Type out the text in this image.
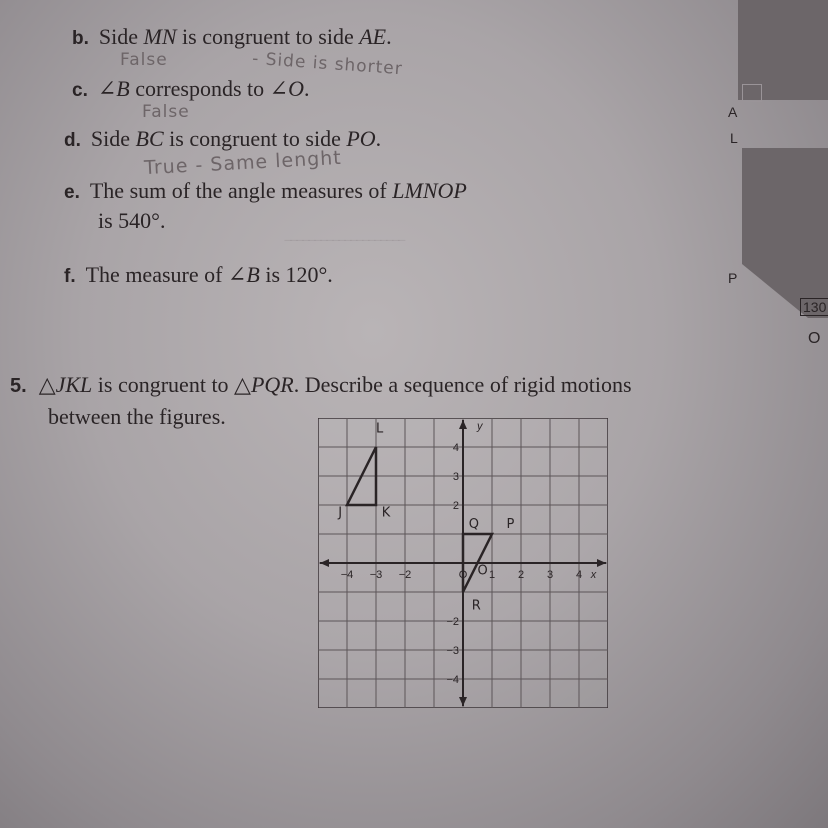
b. Side MN is congruent to side AE.
False	- Side is shorter
c. ∠B corresponds to ∠O.
False
d. Side BC is congruent to side PO.
True - Same lenght
e. The sum of the angle measures of LMNOP
is 540°.
‾‾‾‾‾‾‾‾‾‾‾‾‾‾‾‾‾‾‾‾
f. The measure of ∠B is 120°.
5. △JKL is congruent to △PQR. Describe a sequence of rigid motions
between the figures.
A
L
P
130
O
−4 −3 −2	O 1 2 3 4 x
4
3
2
−2
−3
−4
y
L
J	K
Q P
R
O
